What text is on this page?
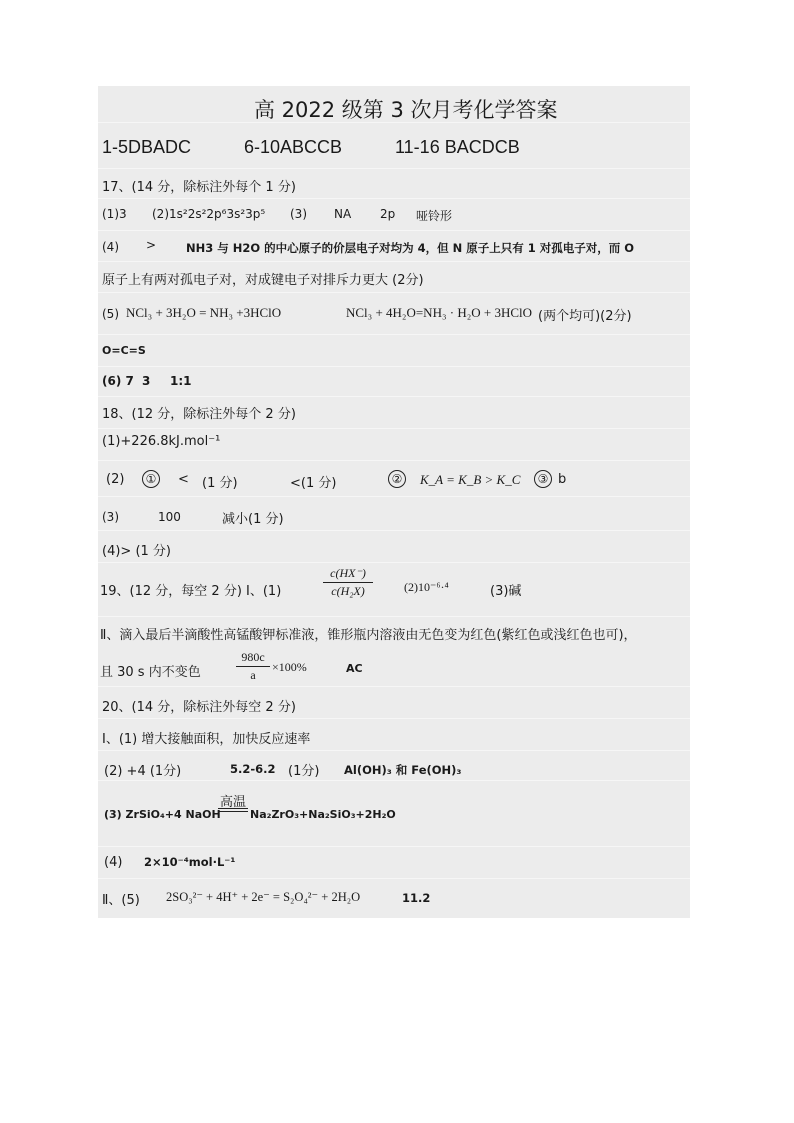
高 2022 级第 3 次月考化学答案
1-5DBADC	6-10ABCCB	11-16 BACDCB
17、(14 分，除标注外每个 1 分)
(1)3 (2)1s²2s²2p⁶3s²3p⁵ (3) NA 2p 哑铃形
(4) >	NH3 与 H2O 的中心原子的价层电子对均为 4，但 N 原子上只有 1 对孤电子对，而 O
原子上有两对孤电子对，对成键电子对排斥力更大 (2分)
(5) NCl₃ + 3H₂O = NH₃ +3HClO	NCl₃ + 4H₂O=NH₃ · H₂O + 3HClO (两个均可)(2分)
O=C=S
(6) 7 3 1:1
18、(12 分，除标注外每个 2 分)
(1)+226.8kJ.mol⁻¹
(2)	① < (1 分)	<(1 分)	② K_A = K_B > K_C	③ b
(3)	100	减小(1 分)
(4)> (1 分)
19、(12 分，每空 2 分) Ⅰ、(1)
c(HX⁻)
c(H₂X)	(2)10⁻⁶·⁴	(3)碱
Ⅱ、滴入最后半滴酸性高锰酸钾标准液，锥形瓶内溶液由无色变为红色(紫红色或浅红色也可)，
且 30 s 内不变色
980c
a
×100%	AC
20、(14 分，除标注外每空 2 分)
Ⅰ、(1) 增大接触面积，加快反应速率
(2) +4 (1分)	5.2-6.2 (1分) Al(OH)₃ 和 Fe(OH)₃
(3) ZrSiO₄+4 NaOH
高温
Na₂ZrO₃+Na₂SiO₃+2H₂O
(4) 2×10⁻⁴mol·L⁻¹
Ⅱ、(5) 2SO₃²⁻ + 4H⁺ + 2e⁻ = S₂O₄²⁻ + 2H₂O	11.2
